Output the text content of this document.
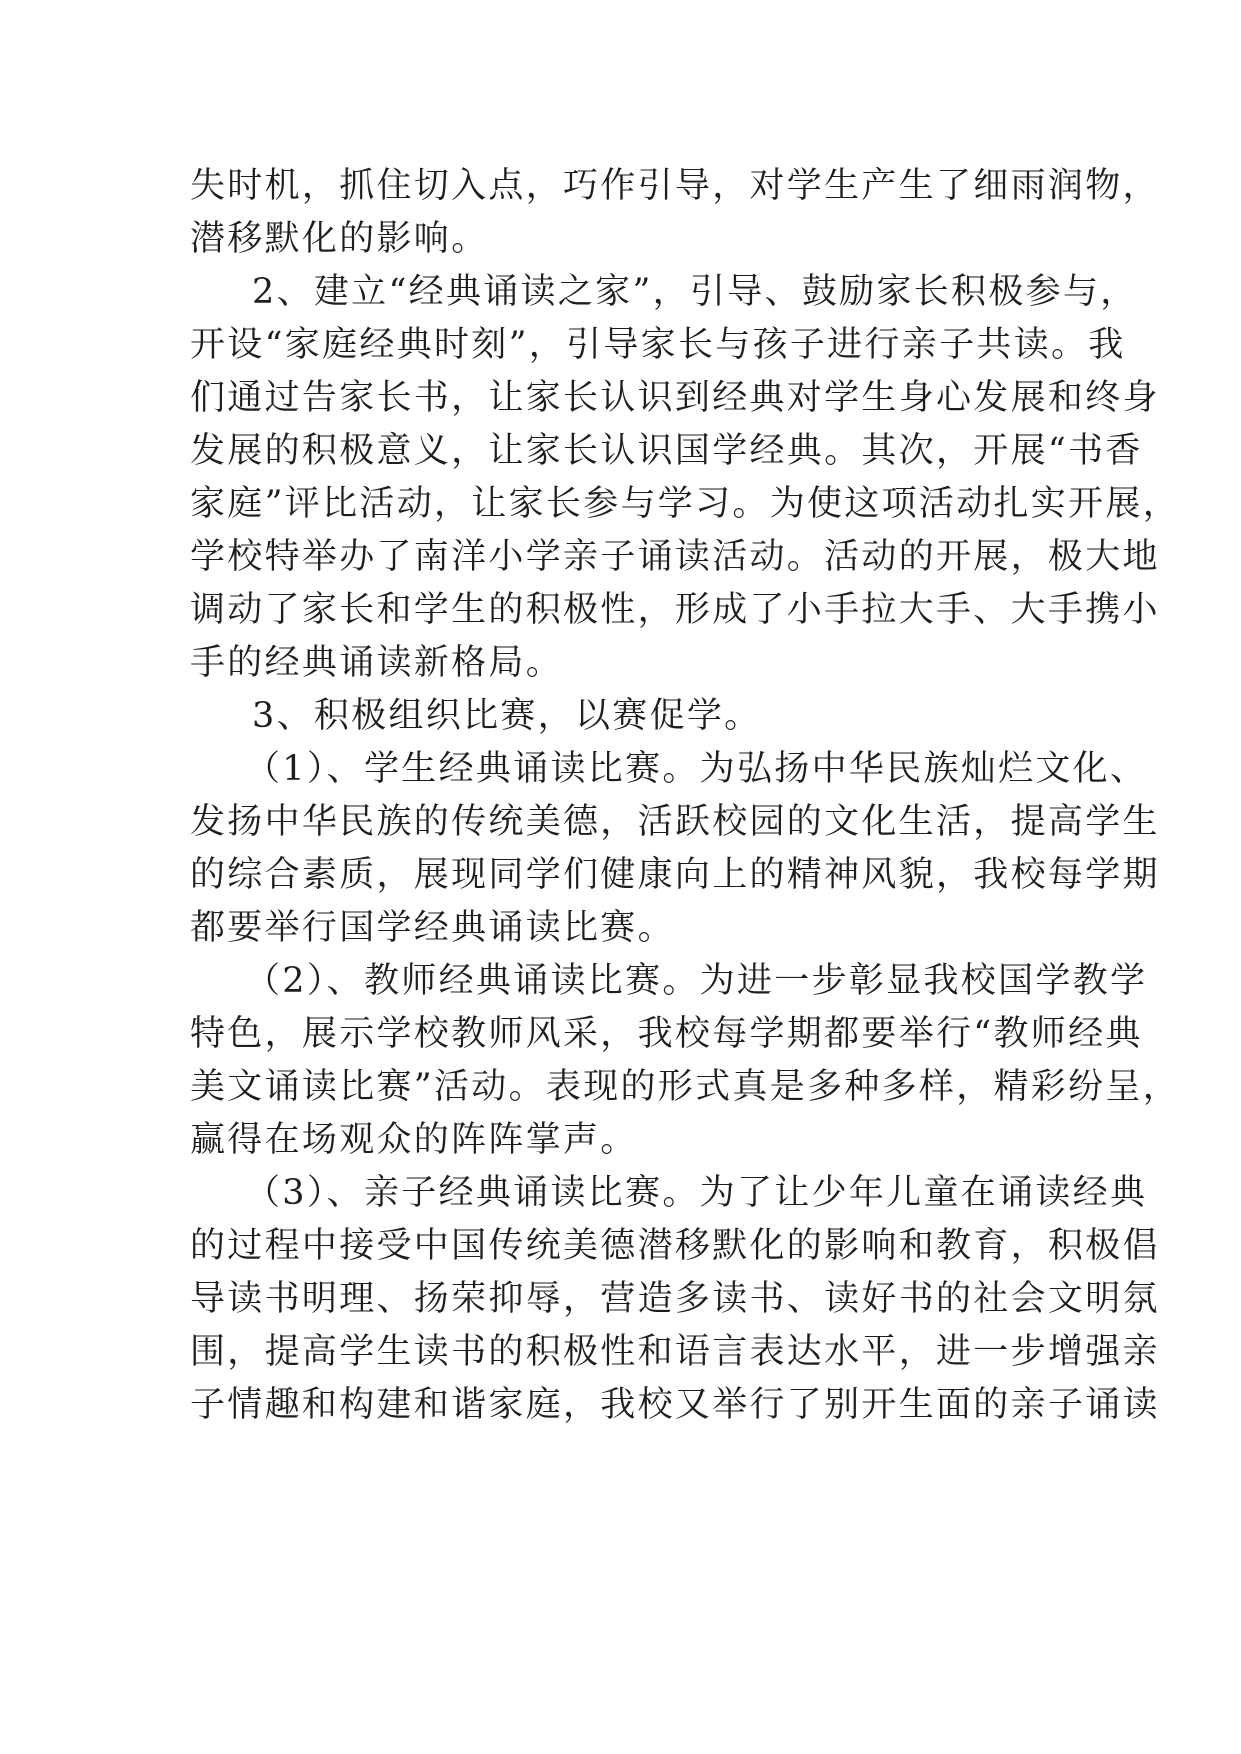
失时机，抓住切入点，巧作引导，对学生产生了细雨润物，
潜移默化的影响。
2、建立“经典诵读之家”，引导、鼓励家长积极参与，
开设“家庭经典时刻”，引导家长与孩子进行亲子共读。我
们通过告家长书，让家长认识到经典对学生身心发展和终身
发展的积极意义，让家长认识国学经典。其次，开展“书香
家庭”评比活动，让家长参与学习。为使这项活动扎实开展，
学校特举办了南洋小学亲子诵读活动。活动的开展，极大地
调动了家长和学生的积极性，形成了小手拉大手、大手携小
手的经典诵读新格局。
3、积极组织比赛，以赛促学。
（1）、学生经典诵读比赛。为弘扬中华民族灿烂文化、
发扬中华民族的传统美德，活跃校园的文化生活，提高学生
的综合素质，展现同学们健康向上的精神风貌，我校每学期
都要举行国学经典诵读比赛。
（2）、教师经典诵读比赛。为进一步彰显我校国学教学
特色，展示学校教师风采，我校每学期都要举行“教师经典
美文诵读比赛”活动。表现的形式真是多种多样，精彩纷呈，
赢得在场观众的阵阵掌声。
（3）、亲子经典诵读比赛。为了让少年儿童在诵读经典
的过程中接受中国传统美德潜移默化的影响和教育，积极倡
导读书明理、扬荣抑辱，营造多读书、读好书的社会文明氛
围，提高学生读书的积极性和语言表达水平，进一步增强亲
子情趣和构建和谐家庭，我校又举行了别开生面的亲子诵读
